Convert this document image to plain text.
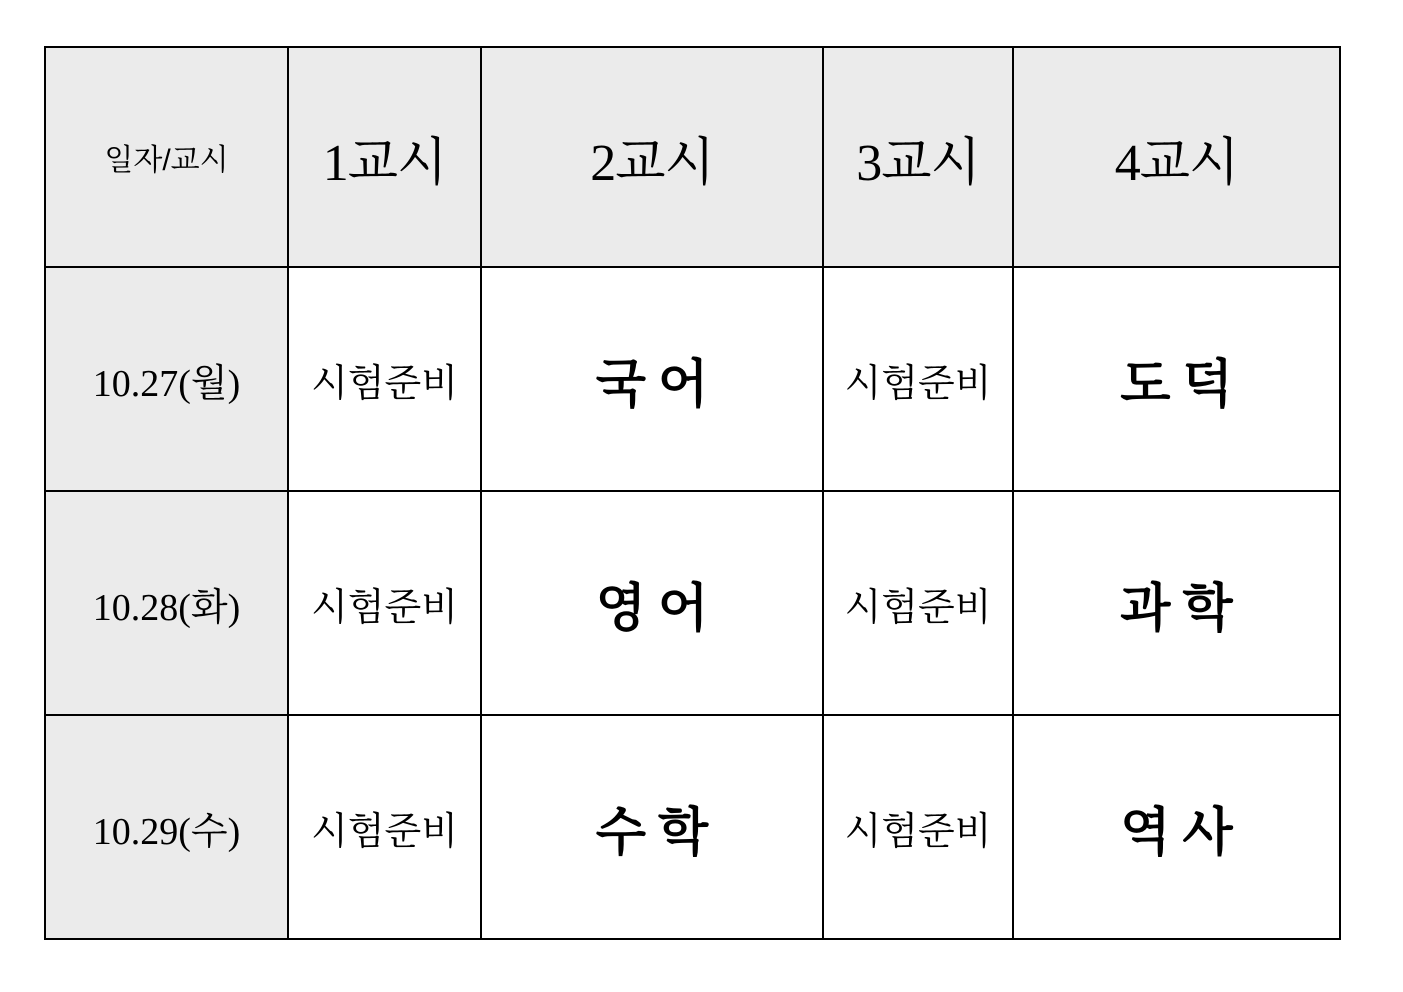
일자/교시	1교시	2교시	3교시	4교시
10.27(월)	시험준비	국어	시험준비	도덕
10.28(화)	시험준비	영어	시험준비	과학
10.29(수)	시험준비	수학	시험준비	역사
